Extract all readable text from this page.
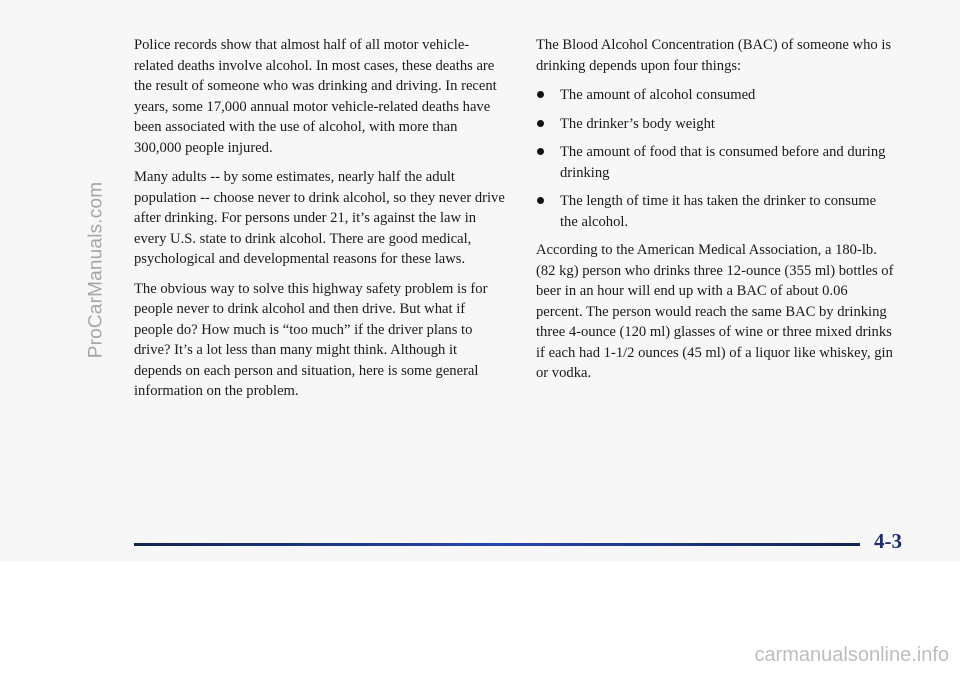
ProCarManuals.com

Police records show that almost half of all motor vehicle-related deaths involve alcohol. In most cases, these deaths are the result of someone who was drinking and driving. In recent years, some 17,000 annual motor vehicle-related deaths have been associated with the use of alcohol, with more than 300,000 people injured.

Many adults -- by some estimates, nearly half the adult population -- choose never to drink alcohol, so they never drive after drinking. For persons under 21, it’s against the law in every U.S. state to drink alcohol. There are good medical, psychological and developmental reasons for these laws.

The obvious way to solve this highway safety problem is for people never to drink alcohol and then drive. But what if people do? How much is “too much” if the driver plans to drive? It’s a lot less than many might think. Although it depends on each person and situation, here is some general information on the problem.

The Blood Alcohol Concentration (BAC) of someone who is drinking depends upon four things:

The amount of alcohol consumed
The drinker’s body weight
The amount of food that is consumed before and during drinking
The length of time it has taken the drinker to consume the alcohol.

According to the American Medical Association, a 180-lb. (82 kg) person who drinks three 12-ounce (355 ml) bottles of beer in an hour will end up with a BAC of about 0.06 percent. The person would reach the same BAC by drinking three 4-ounce (120 ml) glasses of wine or three mixed drinks if each had 1-1/2 ounces (45 ml) of a liquor like whiskey, gin or vodka.

4-3
carmanualsonline.info
